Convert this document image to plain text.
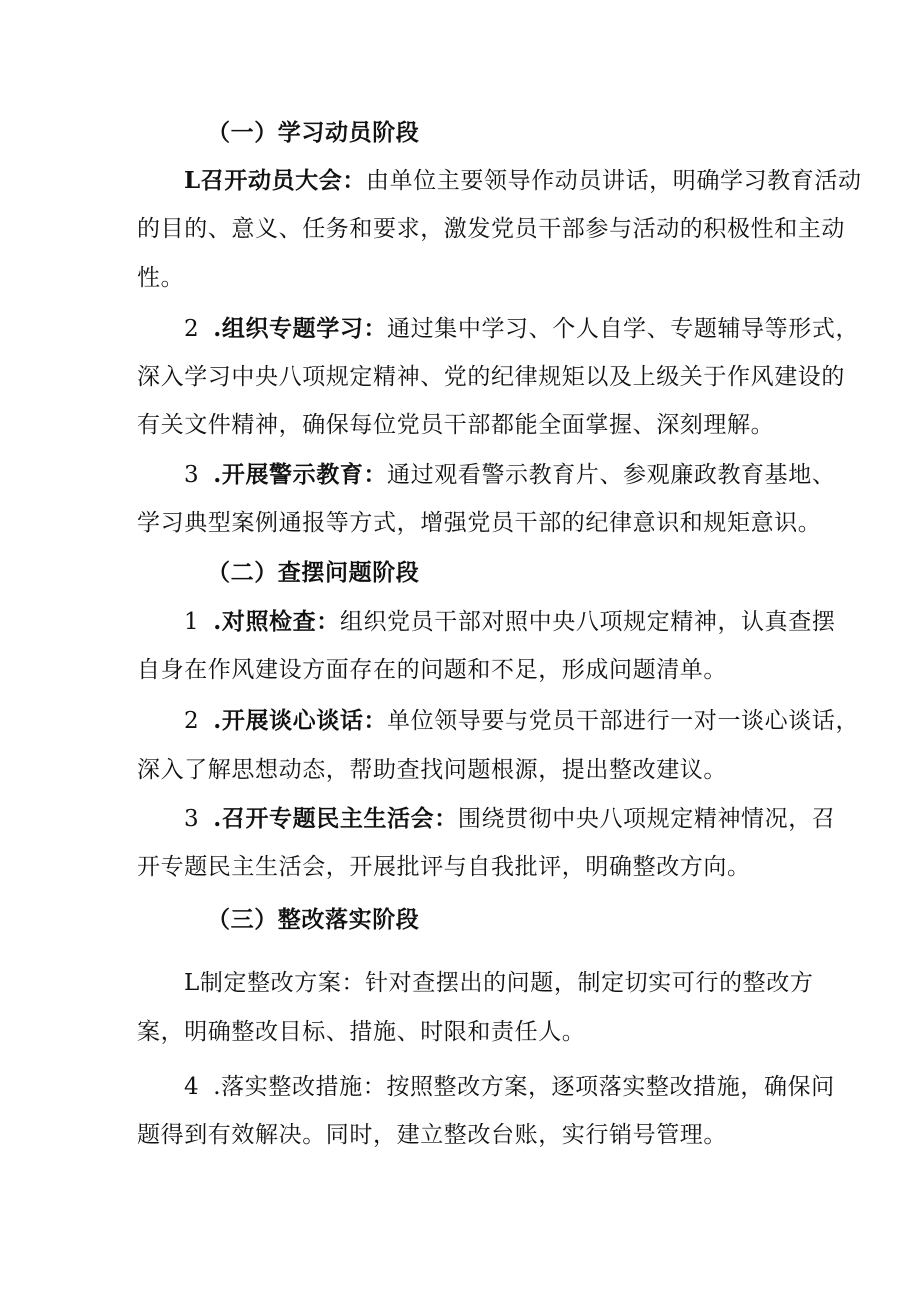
（一）学习动员阶段
L召开动员大会：由单位主要领导作动员讲话，明确学习教育活动
的目的、意义、任务和要求，激发党员干部参与活动的积极性和主动
性。
2 .组织专题学习：通过集中学习、个人自学、专题辅导等形式，
深入学习中央八项规定精神、党的纪律规矩以及上级关于作风建设的
有关文件精神，确保每位党员干部都能全面掌握、深刻理解。
3 .开展警示教育：通过观看警示教育片、参观廉政教育基地、
学习典型案例通报等方式，增强党员干部的纪律意识和规矩意识。
（二）查摆问题阶段
1 .对照检查：组织党员干部对照中央八项规定精神，认真查摆
自身在作风建设方面存在的问题和不足，形成问题清单。
2 .开展谈心谈话：单位领导要与党员干部进行一对一谈心谈话，
深入了解思想动态，帮助查找问题根源，提出整改建议。
3 .召开专题民主生活会：围绕贯彻中央八项规定精神情况，召
开专题民主生活会，开展批评与自我批评，明确整改方向。
（三）整改落实阶段
L制定整改方案：针对查摆出的问题，制定切实可行的整改方
案，明确整改目标、措施、时限和责任人。
4 .落实整改措施：按照整改方案，逐项落实整改措施，确保问
题得到有效解决。同时，建立整改台账，实行销号管理。
